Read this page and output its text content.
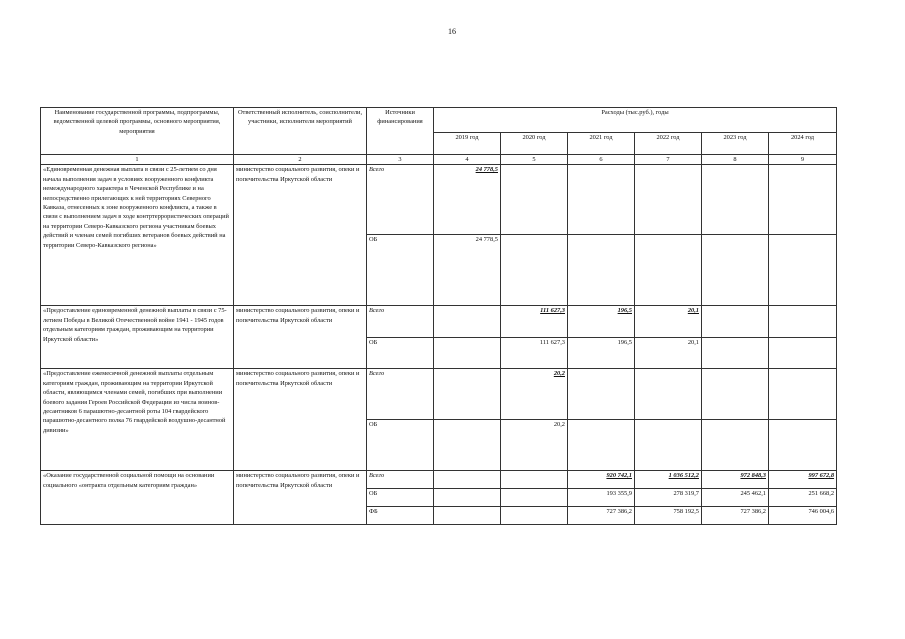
16
Наименование государственной программы, подпрограммы, ведомственной целевой программы, основного мероприятия, мероприятия	Ответственный исполнитель, соисполнители, участники, исполнители мероприятий	Источники финансирования	Расходы (тыс.руб.), годы					
			2019 год	2020 год	2021 год	2022 год	2023 год	2024 год
1	2	3	4	5	6	7	8	9
«Единовременная денежная выплата в связи с 25-летием со дня начала выполнения задач в условиях вооруженного конфликта немеждународного характера в Чеченской Республике и на непосредственно прилегающих к ней территориях Северного Кавказа, отнесенных к зоне вооруженного конфликта, а также в связи с выполнением задач в ходе контртеррористических операций на территории Северо-Кавказского региона участникам боевых действий и членам семей погибших ветеранов боевых действий на территории Северо-Кавказского региона»	министерство социального развития, опеки и попечительства Иркутской области	Всего	24 778,5					
		ОБ	24 778,5					
«Предоставление единовременной денежной выплаты в связи с 75-летием Победы в Великой Отечественной войне 1941 - 1945 годов отдельным категориям граждан, проживающим на территории Иркутской области»	министерство социального развития, опеки и попечительства Иркутской области	Всего		111 627,3	196,5	20,1		
		ОБ		111 627,3	196,5	20,1		
«Предоставление ежемесячной денежной выплаты отдельным категориям граждан, проживающим на территории Иркутской области, являющимся членами семей, погибших при выполнении боевого задания Героев Российской Федерации из числа воинов-десантников 6 парашютно-десантной роты 104 гвардейского парашютно-десантного полка 76 гвардейской воздушно-десантной дивизии»	министерство социального развития, опеки и попечительства Иркутской области	Всего		20,2				
		ОБ		20,2				
«Оказание государственной социальной помощи на основании социального «онтракта отдельным категориям граждан»	министерство социального развития, опеки и попечительства Иркутской области	Всего			920 742,1	1 036 512,2	972 848,3	997 672,8
		ОБ			193 355,9	278 319,7	245 462,1	251 668,2
		ФБ			727 386,2	758 192,5	727 386,2	746 004,6
